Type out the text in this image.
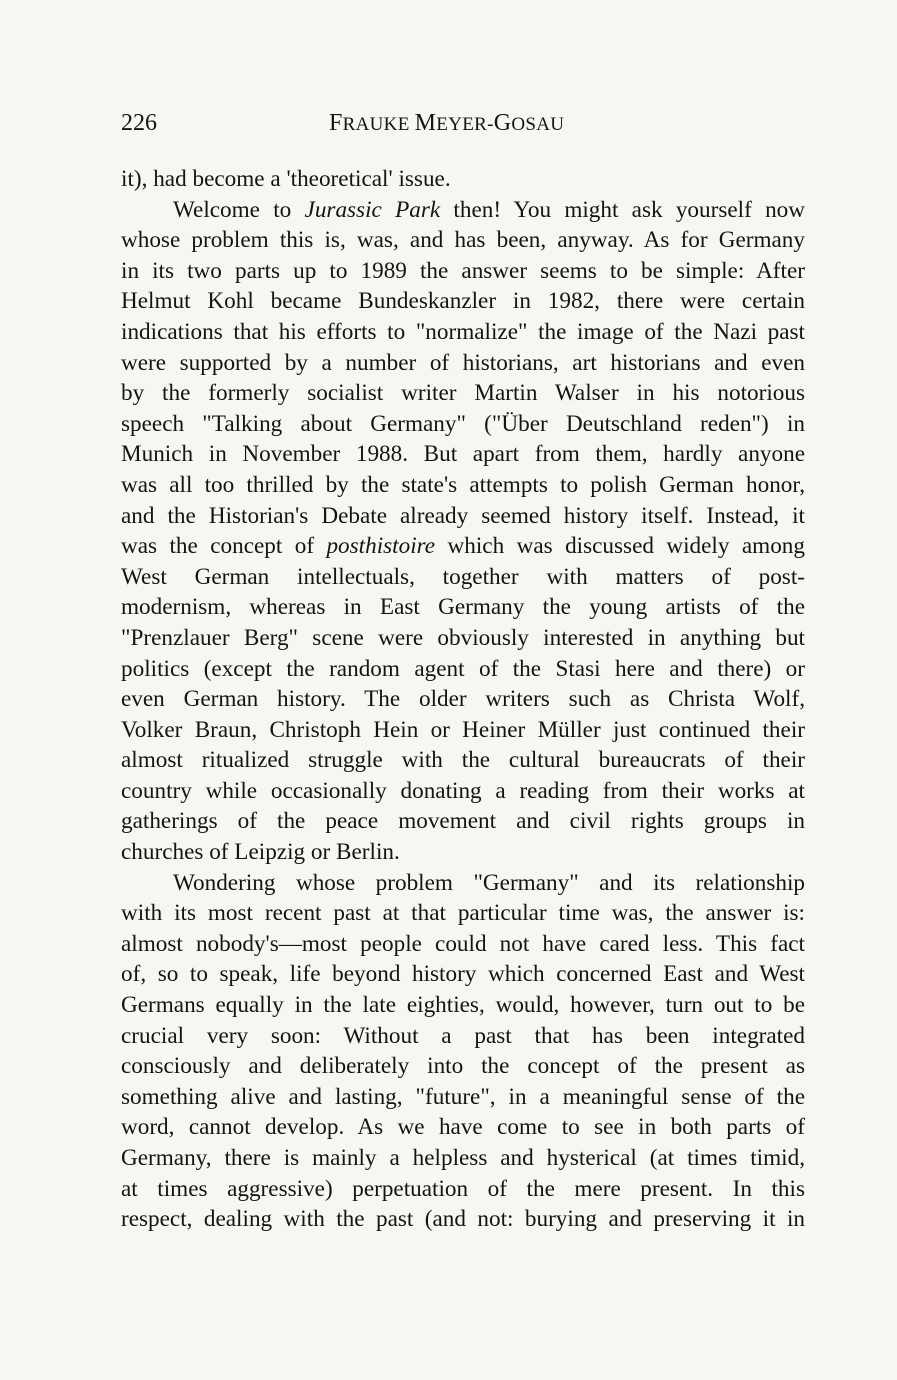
226	FRAUKE MEYER-GOSAU
it), had become a 'theoretical' issue.
Welcome to Jurassic Park then! You might ask yourself now
whose problem this is, was, and has been, anyway. As for Germany
in its two parts up to 1989 the answer seems to be simple: After
Helmut Kohl became Bundeskanzler in 1982, there were certain
indications that his efforts to "normalize" the image of the Nazi past
were supported by a number of historians, art historians and even
by the formerly socialist writer Martin Walser in his notorious
speech "Talking about Germany" ("Über Deutschland reden") in
Munich in November 1988. But apart from them, hardly anyone
was all too thrilled by the state's attempts to polish German honor,
and the Historian's Debate already seemed history itself. Instead, it
was the concept of posthistoire which was discussed widely among
West German intellectuals, together with matters of post-
modernism, whereas in East Germany the young artists of the
"Prenzlauer Berg" scene were obviously interested in anything but
politics (except the random agent of the Stasi here and there) or
even German history. The older writers such as Christa Wolf,
Volker Braun, Christoph Hein or Heiner Müller just continued their
almost ritualized struggle with the cultural bureaucrats of their
country while occasionally donating a reading from their works at
gatherings of the peace movement and civil rights groups in
churches of Leipzig or Berlin.
Wondering whose problem "Germany" and its relationship
with its most recent past at that particular time was, the answer is:
almost nobody's—most people could not have cared less. This fact
of, so to speak, life beyond history which concerned East and West
Germans equally in the late eighties, would, however, turn out to be
crucial very soon: Without a past that has been integrated
consciously and deliberately into the concept of the present as
something alive and lasting, "future", in a meaningful sense of the
word, cannot develop. As we have come to see in both parts of
Germany, there is mainly a helpless and hysterical (at times timid,
at times aggressive) perpetuation of the mere present. In this
respect, dealing with the past (and not: burying and preserving it in
